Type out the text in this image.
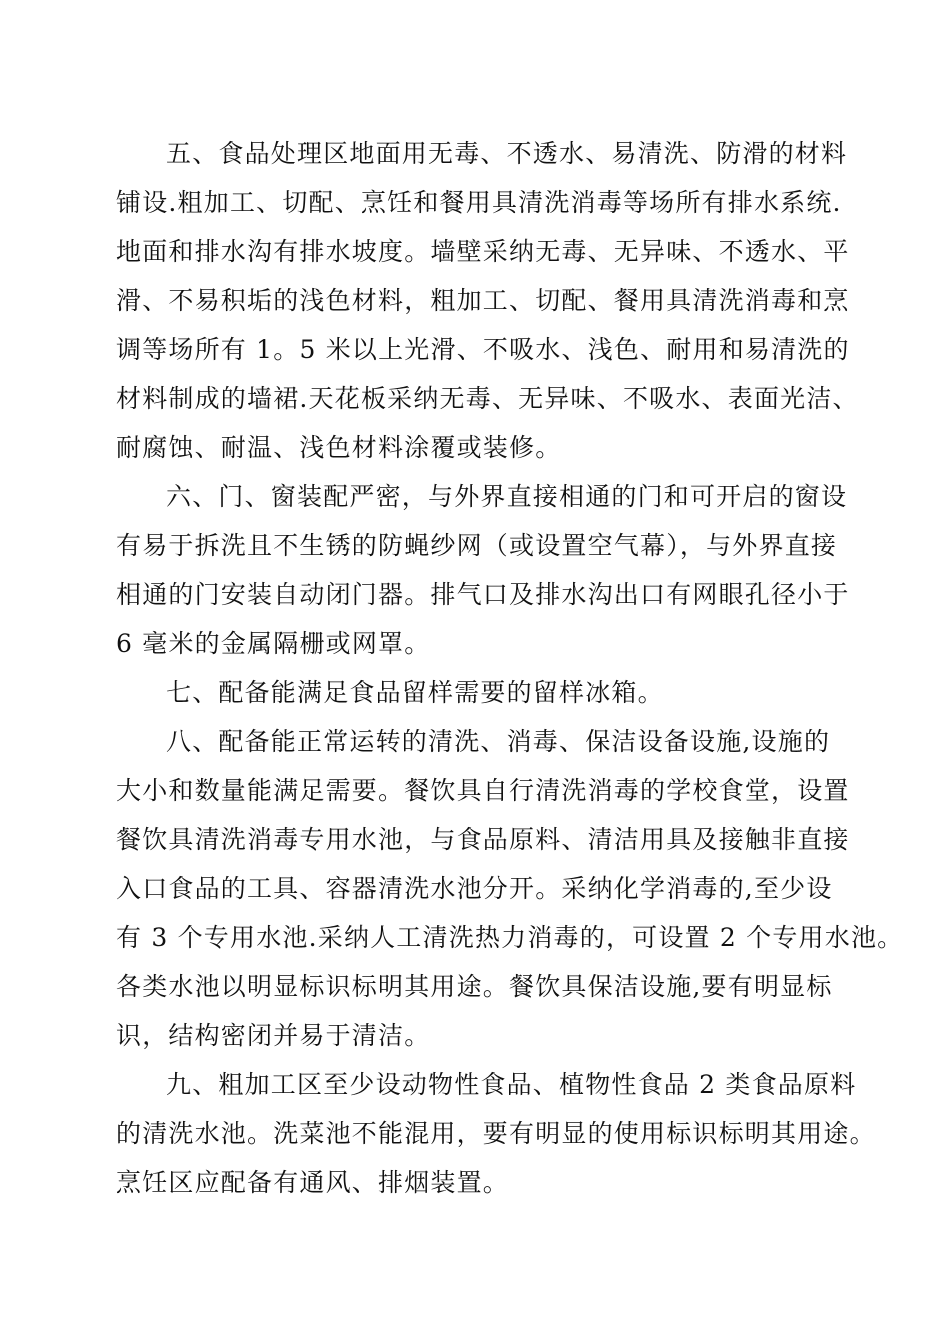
五、食品处理区地面用无毒、不透水、易清洗、防滑的材料
铺设.粗加工、切配、烹饪和餐用具清洗消毒等场所有排水系统.
地面和排水沟有排水坡度。墙壁采纳无毒、无异味、不透水、平
滑、不易积垢的浅色材料，粗加工、切配、餐用具清洗消毒和烹
调等场所有 1。5 米以上光滑、不吸水、浅色、耐用和易清洗的
材料制成的墙裙.天花板采纳无毒、无异味、不吸水、表面光洁、
耐腐蚀、耐温、浅色材料涂覆或装修。

六、门、窗装配严密，与外界直接相通的门和可开启的窗设
有易于拆洗且不生锈的防蝇纱网（或设置空气幕），与外界直接
相通的门安装自动闭门器。排气口及排水沟出口有网眼孔径小于
6 毫米的金属隔栅或网罩。

七、配备能满足食品留样需要的留样冰箱。

八、配备能正常运转的清洗、消毒、保洁设备设施,设施的
大小和数量能满足需要。餐饮具自行清洗消毒的学校食堂，设置
餐饮具清洗消毒专用水池，与食品原料、清洁用具及接触非直接
入口食品的工具、容器清洗水池分开。采纳化学消毒的,至少设
有 3 个专用水池.采纳人工清洗热力消毒的，可设置 2 个专用水池。
各类水池以明显标识标明其用途。餐饮具保洁设施,要有明显标
识，结构密闭并易于清洁。

九、粗加工区至少设动物性食品、植物性食品 2 类食品原料
的清洗水池。洗菜池不能混用，要有明显的使用标识标明其用途。
烹饪区应配备有通风、排烟装置。
